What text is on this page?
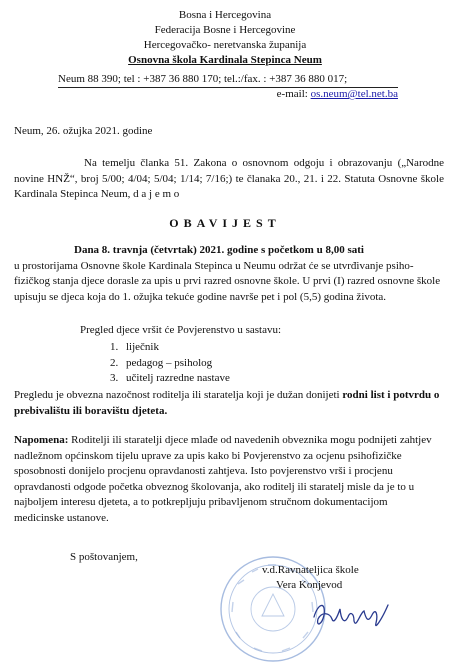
Bosna i Hercegovina
Federacija Bosne i Hercegovine
Hercegovačko- neretvanska županija
Osnovna škola Kardinala Stepinca Neum
Neum 88 390; tel : +387 36 880 170; tel.:/fax. : +387 36 880 017;
e-mail: os.neum@tel.net.ba
Neum, 26. ožujka 2021. godine
Na temelju članka 51. Zakona o osnovnom odgoju i obrazovanju („Narodne novine HNŽ“, broj 5/00; 4/04; 5/04; 1/14; 7/16;) te članaka 20., 21. i 22. Statuta Osnovne škole Kardinala Stepinca Neum, d a j e m o
OBAVIJEST
Dana 8. travnja (četvrtak) 2021. godine s početkom u 8,00 sati
u prostorijama Osnovne škole Kardinala Stepinca u Neumu održat će se utvrđivanje psiho-fizičkog stanja djece dorasle za upis u prvi razred osnovne škole. U prvi (I) razred osnovne škole upisuju se djeca koja do 1. ožujka tekuće godine navrše pet i pol (5,5) godina života.
Pregled djece vršit će Povjerenstvo u sastavu:
1. liječnik
2. pedagog – psiholog
3. učitelj razredne nastave
Pregledu je obvezna nazočnost roditelja ili staratelja koji je dužan donijeti rodni list i potvrdu o prebivalištu ili boravištu djeteta.
Napomena: Roditelji ili staratelji djece mlađe od navedenih obveznika mogu podnijeti zahtjev nadležnom općinskom tijelu uprave za upis kako bi Povjerenstvo za ocjenu psihofizičke sposobnosti donijelo procjenu opravdanosti zahtjeva. Isto povjerenstvo vrši i procjenu opravdanosti odgode početka obveznog školovanja, ako roditelj ili staratelj misle da je to u najboljem interesu djeteta, a to potkrepljuju pribavljenom stručnom dokumentacijom medicinske ustanove.
S poštovanjem,
v.d.Ravnateljica škole
Vera Konjevod
